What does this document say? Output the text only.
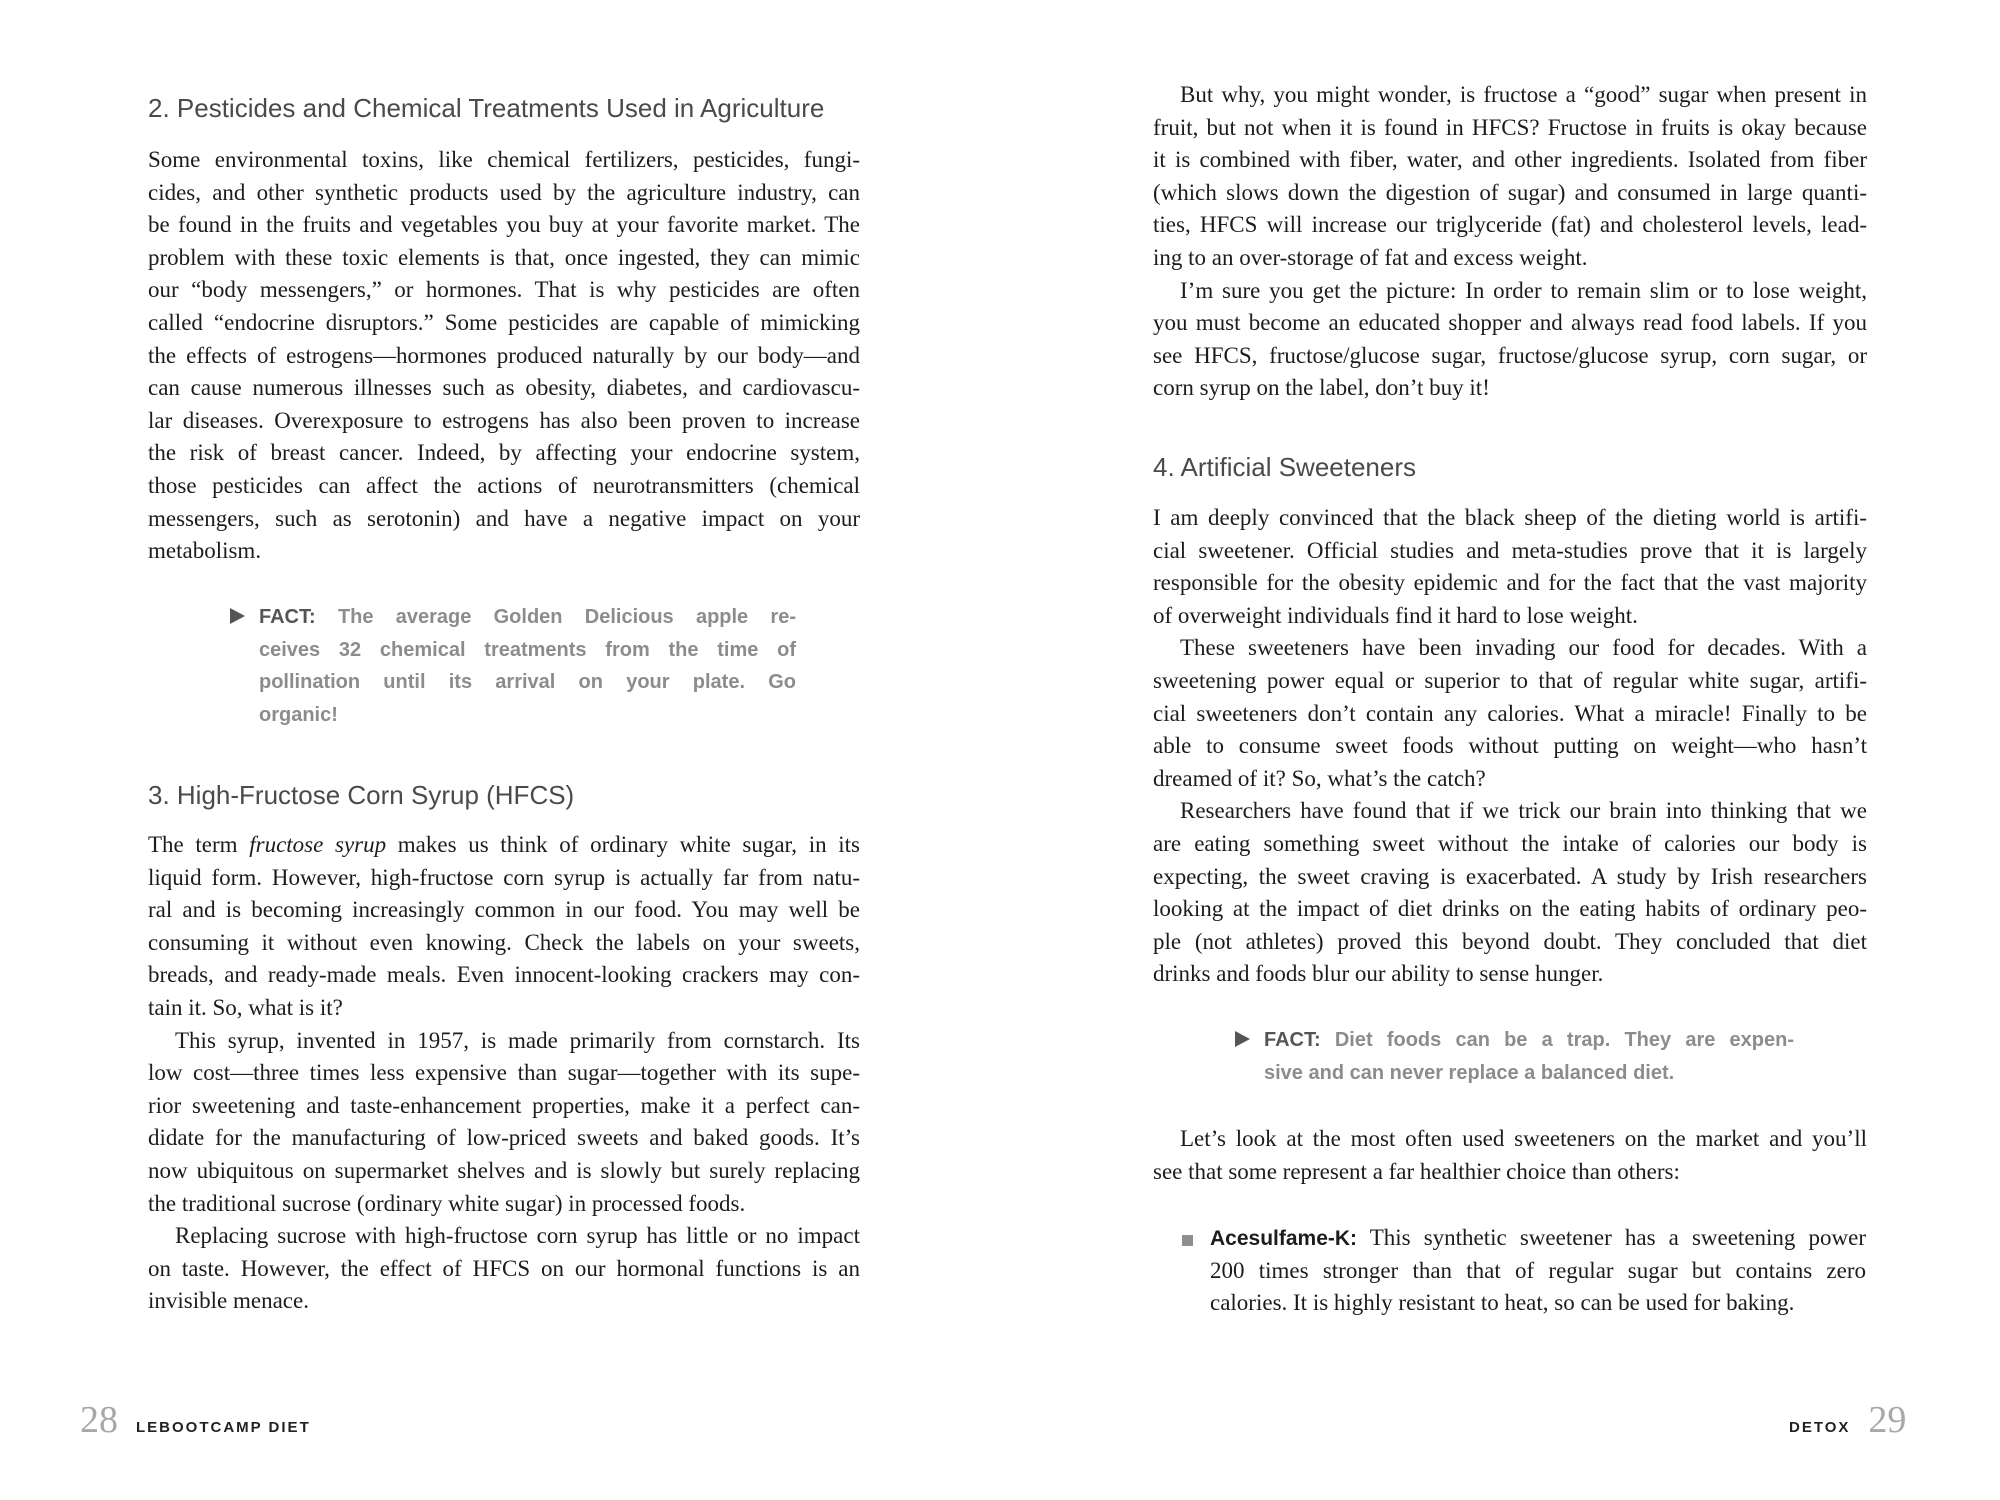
2. Pesticides and Chemical Treatments Used in Agriculture
Some environmental toxins, like chemical fertilizers, pesticides, fungi-
cides, and other synthetic products used by the agriculture industry, can
be found in the fruits and vegetables you buy at your favorite market. The
problem with these toxic elements is that, once ingested, they can mimic
our “body messengers,” or hormones. That is why pesticides are often
called “endocrine disruptors.” Some pesticides are capable of mimicking
the effects of estrogens—hormones produced naturally by our body—and
can cause numerous illnesses such as obesity, diabetes, and cardiovascu-
lar diseases. Overexposure to estrogens has also been proven to increase
the risk of breast cancer. Indeed, by affecting your endocrine system,
those pesticides can affect the actions of neurotransmitters (chemical
messengers, such as serotonin) and have a negative impact on your
metabolism.
FACT: The average Golden Delicious apple re-
ceives 32 chemical treatments from the time of
pollination until its arrival on your plate. Go
organic!
3. High-Fructose Corn Syrup (HFCS)
The term fructose syrup makes us think of ordinary white sugar, in its
liquid form. However, high-fructose corn syrup is actually far from natu-
ral and is becoming increasingly common in our food. You may well be
consuming it without even knowing. Check the labels on your sweets,
breads, and ready-made meals. Even innocent-looking crackers may con-
tain it. So, what is it?
This syrup, invented in 1957, is made primarily from cornstarch. Its
low cost—three times less expensive than sugar—together with its supe-
rior sweetening and taste-enhancement properties, make it a perfect can-
didate for the manufacturing of low-priced sweets and baked goods. It’s
now ubiquitous on supermarket shelves and is slowly but surely replacing
the traditional sucrose (ordinary white sugar) in processed foods.
Replacing sucrose with high-fructose corn syrup has little or no impact
on taste. However, the effect of HFCS on our hormonal functions is an
invisible menace.
28 LEBOOTCAMP DIET
But why, you might wonder, is fructose a “good” sugar when present in
fruit, but not when it is found in HFCS? Fructose in fruits is okay because
it is combined with fiber, water, and other ingredients. Isolated from fiber
(which slows down the digestion of sugar) and consumed in large quanti-
ties, HFCS will increase our triglyceride (fat) and cholesterol levels, lead-
ing to an over-storage of fat and excess weight.
I’m sure you get the picture: In order to remain slim or to lose weight,
you must become an educated shopper and always read food labels. If you
see HFCS, fructose/glucose sugar, fructose/glucose syrup, corn sugar, or
corn syrup on the label, don’t buy it!
4. Artificial Sweeteners
I am deeply convinced that the black sheep of the dieting world is artifi-
cial sweetener. Official studies and meta-studies prove that it is largely
responsible for the obesity epidemic and for the fact that the vast majority
of overweight individuals find it hard to lose weight.
These sweeteners have been invading our food for decades. With a
sweetening power equal or superior to that of regular white sugar, artifi-
cial sweeteners don’t contain any calories. What a miracle! Finally to be
able to consume sweet foods without putting on weight—who hasn’t
dreamed of it? So, what’s the catch?
Researchers have found that if we trick our brain into thinking that we
are eating something sweet without the intake of calories our body is
expecting, the sweet craving is exacerbated. A study by Irish researchers
looking at the impact of diet drinks on the eating habits of ordinary peo-
ple (not athletes) proved this beyond doubt. They concluded that diet
drinks and foods blur our ability to sense hunger.
FACT: Diet foods can be a trap. They are expen-
sive and can never replace a balanced diet.
Let’s look at the most often used sweeteners on the market and you’ll
see that some represent a far healthier choice than others:
Acesulfame-K: This synthetic sweetener has a sweetening power
200 times stronger than that of regular sugar but contains zero
calories. It is highly resistant to heat, so can be used for baking.
DETOX 29
